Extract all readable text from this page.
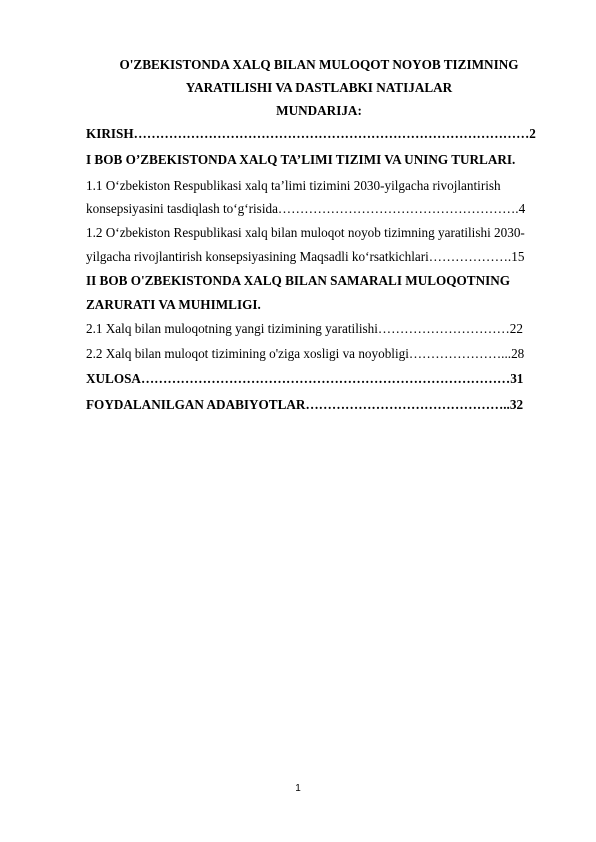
O'ZBEKISTONDA XALQ BILAN MULOQOT NOYOB TIZIMNING
YARATILISHI VA DASTLABKI NATIJALAR
MUNDARIJA:
KIRISH………………………………………………………………………………2
I BOB O’ZBEKISTONDA XALQ TA’LIMI TIZIMI VA UNING TURLARI.
1.1 O‘zbekiston Respublikasi xalq ta’limi tizimini 2030-yilgacha rivojlantirish
konsepsiyasini tasdiqlash to‘g‘risida……………………………………………….4
1.2 O‘zbekiston Respublikasi xalq bilan muloqot noyob tizimning yaratilishi 2030-
yilgacha rivojlantirish konsepsiyasining Maqsadli ko‘rsatkichlari……………….15
II BOB O'ZBEKISTONDA XALQ BILAN SAMARALI MULOQOTNING
ZARURATI VA MUHIMLIGI.
2.1 Xalq bilan muloqotning yangi tizimining yaratilishi…………………………22
2.2 Xalq bilan muloqot tizimining o'ziga xosligi va noyobligi…………………...28
XULOSA…………………………………………………………………………31
FOYDALANILGAN ADABIYOTLAR………………………………………..32
1
